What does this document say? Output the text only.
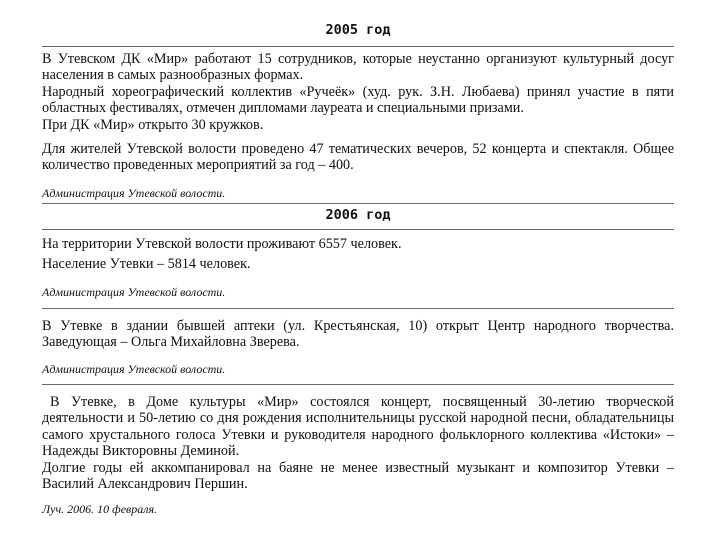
2005 год

В Утевском ДК «Мир» работают 15 сотрудников, которые неустанно организуют культурный досуг населения в самых разнообразных формах.

Народный хореографический коллектив «Ручеёк» (худ. рук. З.Н. Любаева) принял участие в пяти областных фестивалях, отмечен дипломами лауреата и специальными призами.

При ДК «Мир» открыто 30 кружков.

Для жителей Утевской волости проведено 47 тематических вечеров, 52 концерта и спектакля. Общее количество проведенных мероприятий за год – 400.

Администрация Утевской волости.
2006 год

На территории Утевской волости проживают 6557 человек.

Население Утевки – 5814 человек.

Администрация Утевской волости.

В Утевке в здании бывшей аптеки (ул. Крестьянская, 10) открыт Центр народного творчества. Заведующая – Ольга Михайловна Зверева.

Администрация Утевской волости.

В Утевке, в Доме культуры «Мир» состоялся концерт, посвященный 30-летию творческой деятельности и 50-летию со дня рождения исполнительницы русской народной песни, обладательницы самого хрустального голоса Утевки и руководителя народного фольклорного коллектива «Истоки» – Надежды Викторовны Деминой.

Долгие годы ей аккомпанировал на баяне не менее известный музыкант и композитор Утевки – Василий Александрович Першин.

Луч. 2006. 10 февраля.
